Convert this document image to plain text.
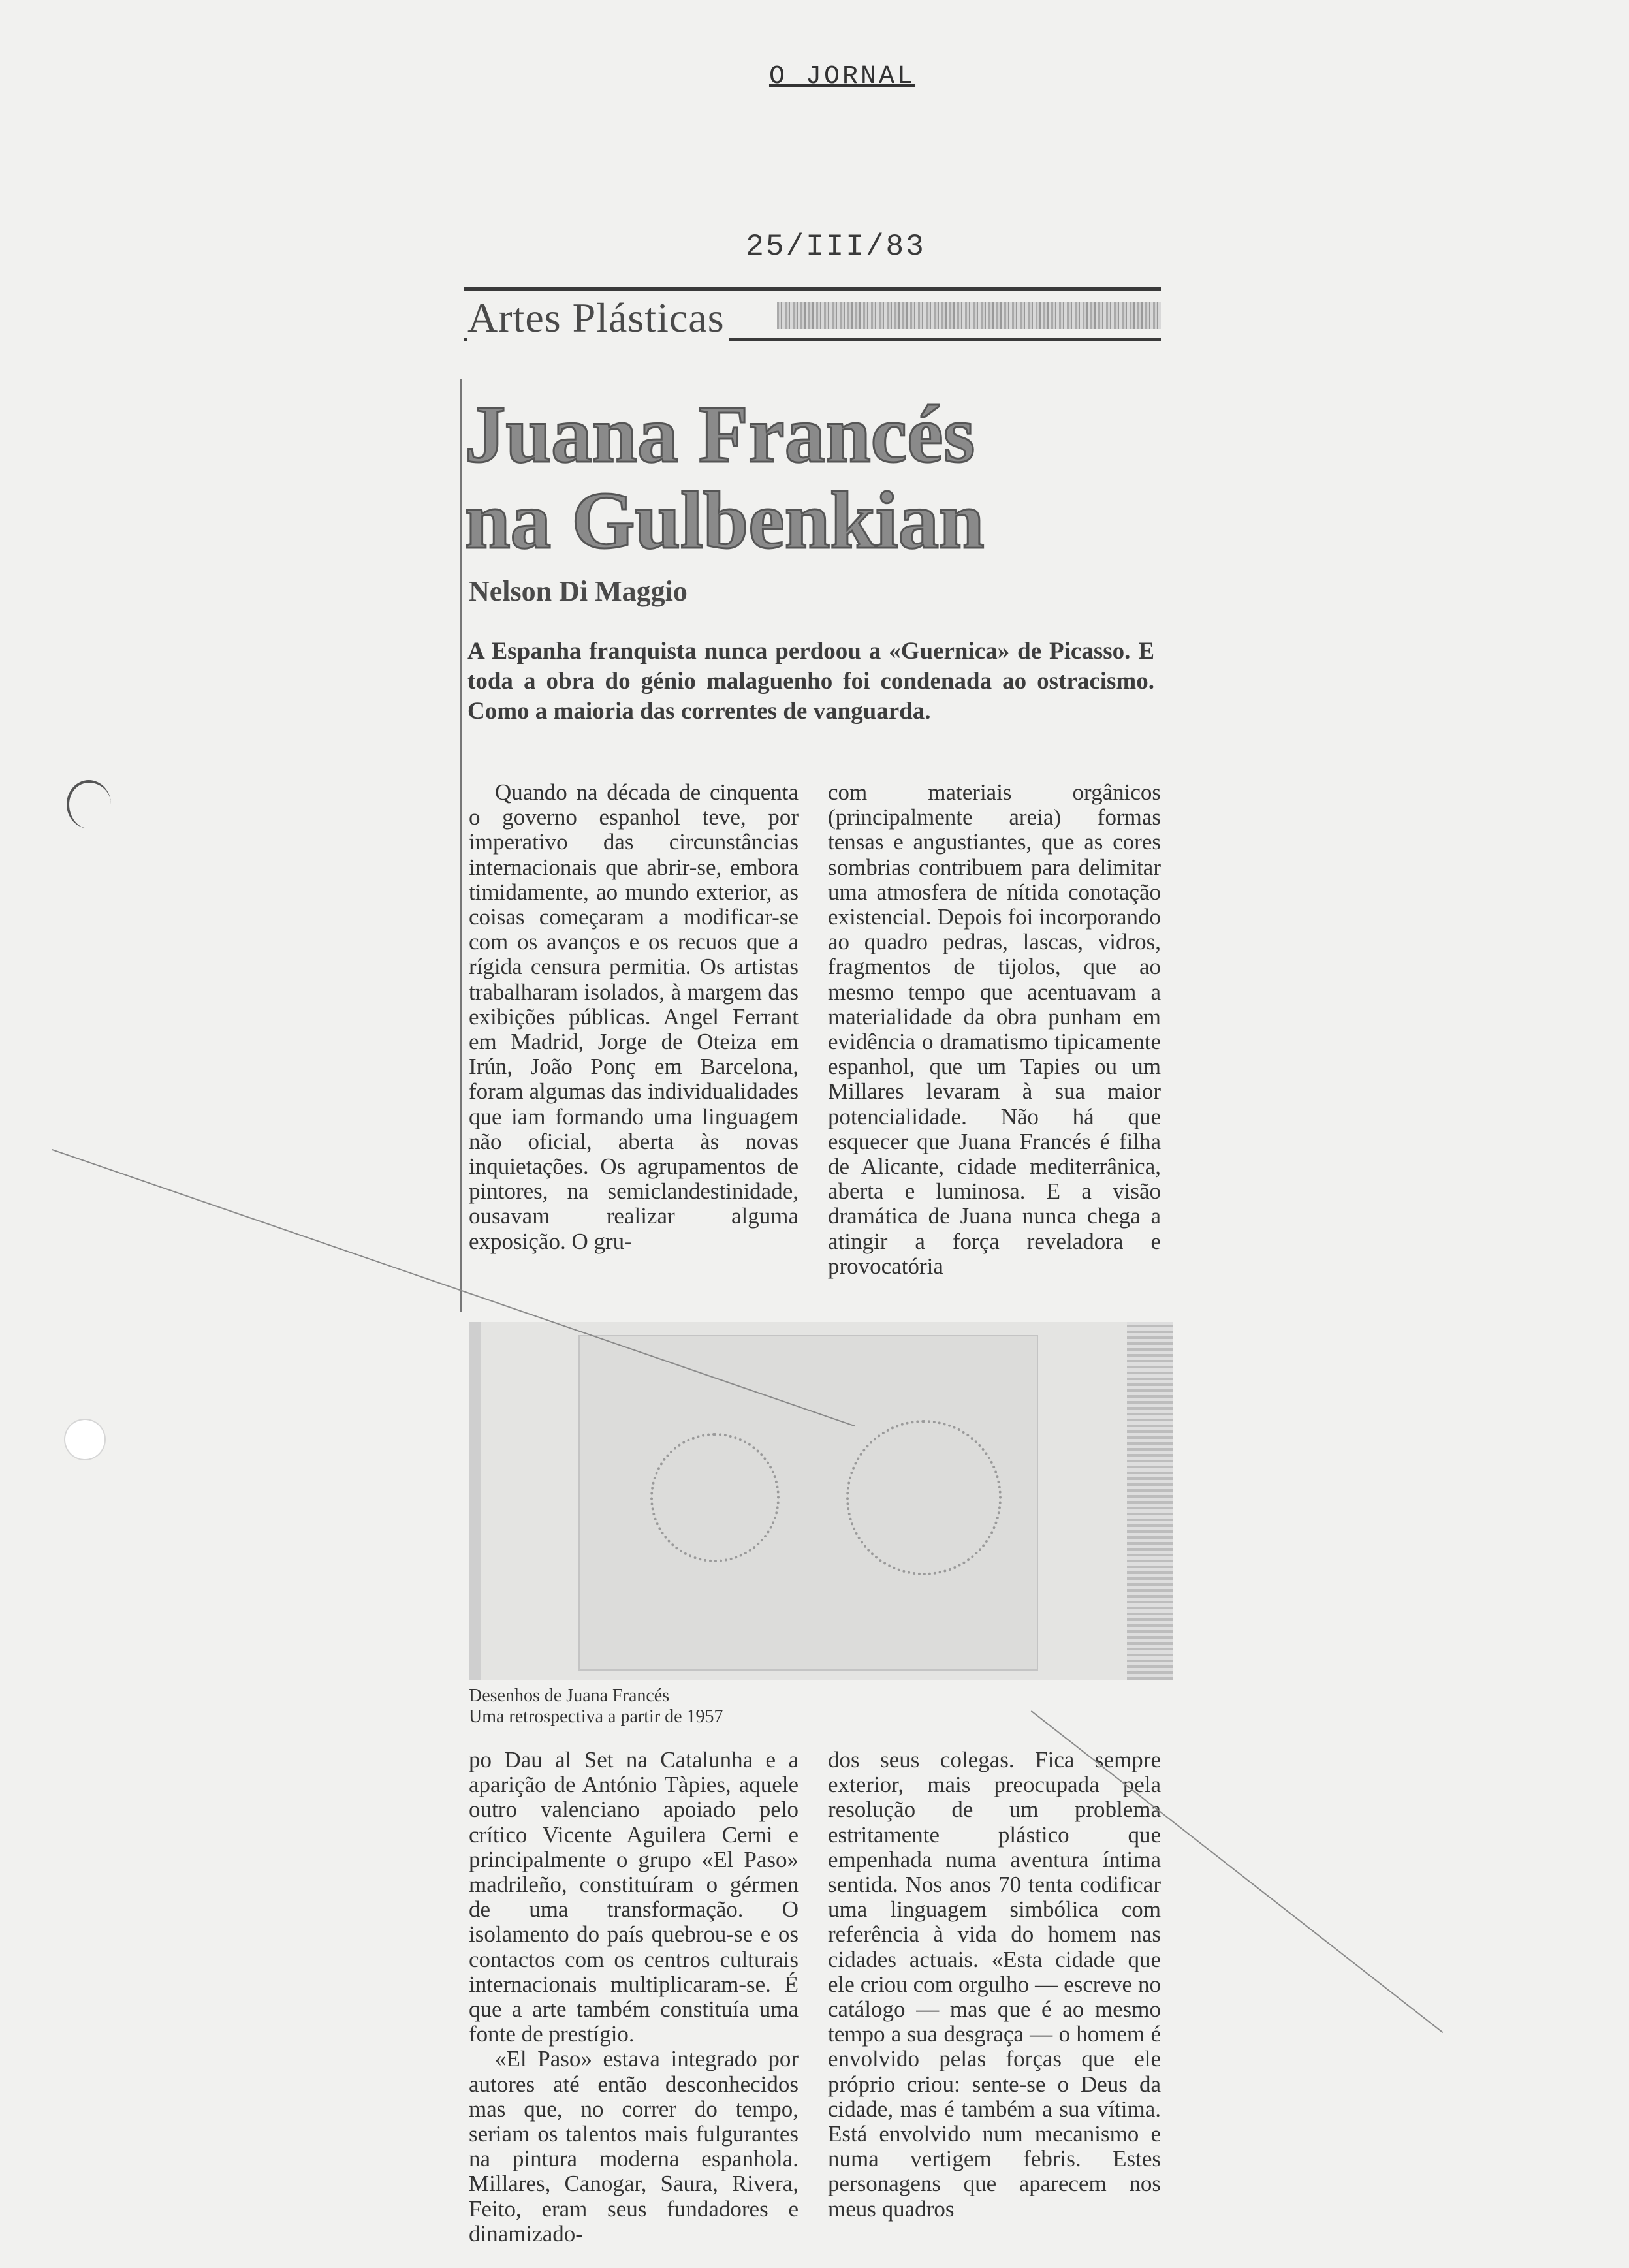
O JORNAL
25/III/83
Artes Plásticas
Juana Francés
na Gulbenkian
Nelson Di Maggio
A Espanha franquista nunca perdoou a «Guernica» de Picasso. E toda a obra do génio malaguenho foi condenada ao ostracismo. Como a maioria das correntes de vanguarda.

Quando na década de cinquenta o governo espanhol teve, por imperativo das circunstâncias internacionais que abrir-se, embora timidamente, ao mundo exterior, as coisas começaram a modificar-se com os avanços e os recuos que a rígida censura permitia. Os artistas trabalharam isolados, à margem das exibições públicas. Angel Ferrant em Madrid, Jorge de Oteiza em Irún, João Ponç em Barcelona, foram algumas das individualidades que iam formando uma linguagem não oficial, aberta às novas inquietações. Os agrupamentos de pintores, na semiclandestinidade, ousavam realizar alguma exposição. O gru-

com materiais orgânicos (principalmente areia) formas tensas e angustiantes, que as cores sombrias contribuem para delimitar uma atmosfera de nítida conotação existencial. Depois foi incorporando ao quadro pedras, lascas, vidros, fragmentos de tijolos, que ao mesmo tempo que acentuavam a materialidade da obra punham em evidência o dramatismo tipicamente espanhol, que um Tapies ou um Millares levaram à sua maior potencialidade. Não há que esquecer que Juana Francés é filha de Alicante, cidade mediterrânica, aberta e luminosa. E a visão dramática de Juana nunca chega a atingir a força reveladora e provocatória

Desenhos de Juana Francés
Uma retrospectiva a partir de 1957

po Dau al Set na Catalunha e a aparição de António Tàpies, aquele outro valenciano apoiado pelo crítico Vicente Aguilera Cerni e principalmente o grupo «El Paso» madrileño, constituíram o gérmen de uma transformação. O isolamento do país quebrou-se e os contactos com os centros culturais internacionais multiplicaram-se. É que a arte também constituía uma fonte de prestígio.

«El Paso» estava integrado por autores até então desconhecidos mas que, no correr do tempo, seriam os talentos mais fulgurantes na pintura moderna espanhola. Millares, Canogar, Saura, Rivera, Feito, eram seus fundadores e dinamizado-

dos seus colegas. Fica sempre exterior, mais preocupada pela resolução de um problema estritamente plástico que empenhada numa aventura íntima sentida. Nos anos 70 tenta codificar uma linguagem simbólica com referência à vida do homem nas cidades actuais. «Esta cidade que ele criou com orgulho — escreve no catálogo — mas que é ao mesmo tempo a sua desgraça — o homem é envolvido pelas forças que ele próprio criou: sente-se o Deus da cidade, mas é também a sua vítima. Está envolvido num mecanismo e numa vertigem febris. Estes personagens que aparecem nos meus quadros
